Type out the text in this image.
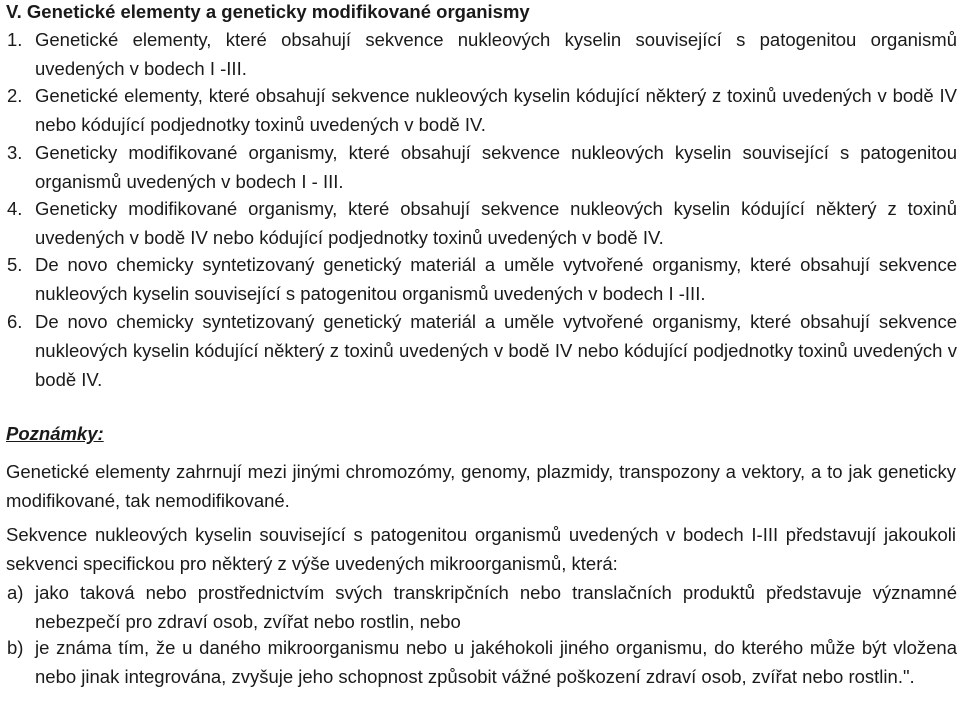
V. Genetické elementy a geneticky modifikované organismy
1. Genetické elementy, které obsahují sekvence nukleových kyselin související s patogenitou organismů uvedených v bodech I -III.
2. Genetické elementy, které obsahují sekvence nukleových kyselin kódující některý z toxinů uvedených v bodě IV nebo kódující podjednotky toxinů uvedených v bodě IV.
3. Geneticky modifikované organismy, které obsahují sekvence nukleových kyselin související s patogenitou organismů uvedených v bodech I - III.
4. Geneticky modifikované organismy, které obsahují sekvence nukleových kyselin kódující některý z toxinů uvedených v bodě IV nebo kódující podjednotky toxinů uvedených v bodě IV.
5. De novo chemicky syntetizovaný genetický materiál a uměle vytvořené organismy, které obsahují sekvence nukleových kyselin související s patogenitou organismů uvedených v bodech I -III.
6. De novo chemicky syntetizovaný genetický materiál a uměle vytvořené organismy, které obsahují sekvence nukleových kyselin kódující některý z toxinů uvedených v bodě IV nebo kódující podjednotky toxinů uvedených v bodě IV.
Poznámky:
Genetické elementy zahrnují mezi jinými chromozómy, genomy, plazmidy, transpozony a vektory, a to jak geneticky modifikované, tak nemodifikované.
Sekvence nukleových kyselin související s patogenitou organismů uvedených v bodech I-III představují jakoukoli sekvenci specifickou pro některý z výše uvedených mikroorganismů, která:
a) jako taková nebo prostřednictvím svých transkripčních nebo translačních produktů představuje významné nebezpečí pro zdraví osob, zvířat nebo rostlin, nebo
b) je známa tím, že u daného mikroorganismu nebo u jakéhokoli jiného organismu, do kterého může být vložena nebo jinak integrována, zvyšuje jeho schopnost způsobit vážné poškození zdraví osob, zvířat nebo rostlin.".
